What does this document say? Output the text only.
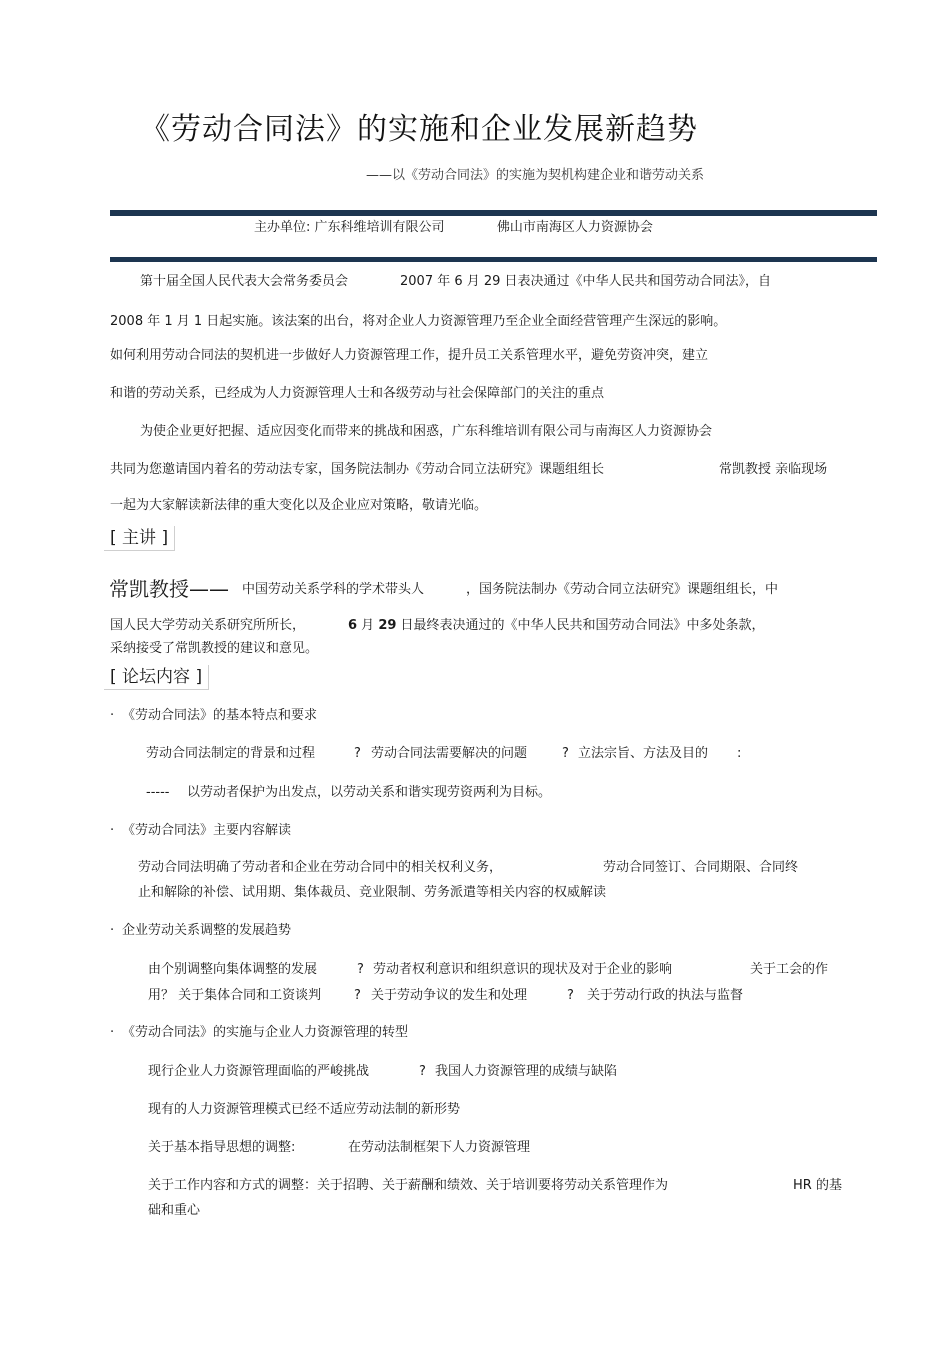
《劳动合同法》的实施和企业发展新趋势
——以《劳动合同法》的实施为契机构建企业和谐劳动关系
主办单位: 广东科维培训有限公司	佛山市南海区人力资源协会
第十届全国人民代表大会常务委员会	2007 年 6 月 29 日表决通过《中华人民共和国劳动合同法》，自
2008 年 1 月 1 日起实施。该法案的出台，将对企业人力资源管理乃至企业全面经营管理产生深远的影响。
如何利用劳动合同法的契机进一步做好人力资源管理工作，提升员工关系管理水平，避免劳资冲突，建立
和谐的劳动关系，已经成为人力资源管理人士和各级劳动与社会保障部门的关注的重点
为使企业更好把握、适应因变化而带来的挑战和困惑，广东科维培训有限公司与南海区人力资源协会
共同为您邀请国内着名的劳动法专家，国务院法制办《劳动合同立法研究》课题组组长	常凯教授 亲临现场
一起为大家解读新法律的重大变化以及企业应对策略，敬请光临。
[ 主讲 ]
常凯教授—— 中国劳动关系学科的学术带头人	，国务院法制办《劳动合同立法研究》课题组组长，中
国人民大学劳动关系研究所所长，	6 月 29 日最终表决通过的《中华人民共和国劳动合同法》中多处条款，
采纳接受了常凯教授的建议和意见。
[ 论坛内容 ]
· 《劳动合同法》的基本特点和要求
劳动合同法制定的背景和过程	? 劳动合同法需要解决的问题	? 立法宗旨、方法及目的 :
----- 以劳动者保护为出发点，以劳动关系和谐实现劳资两利为目标。
· 《劳动合同法》主要内容解读
劳动合同法明确了劳动者和企业在劳动合同中的相关权利义务，	劳动合同签订、合同期限、合同终
止和解除的补偿、试用期、集体裁员、竞业限制、劳务派遣等相关内容的权威解读
· 企业劳动关系调整的发展趋势
由个别调整向集体调整的发展	? 劳动者权利意识和组织意识的现状及对于企业的影响	关于工会的作
用？ 关于集体合同和工资谈判	? 关于劳动争议的发生和处理	? 关于劳动行政的执法与监督
· 《劳动合同法》的实施与企业人力资源管理的转型
现行企业人力资源管理面临的严峻挑战	? 我国人力资源管理的成绩与缺陷
现有的人力资源管理模式已经不适应劳动法制的新形势
关于基本指导思想的调整:	在劳动法制框架下人力资源管理
关于工作内容和方式的调整：关于招聘、关于薪酬和绩效、关于培训要将劳动关系管理作为	HR 的基
础和重心
